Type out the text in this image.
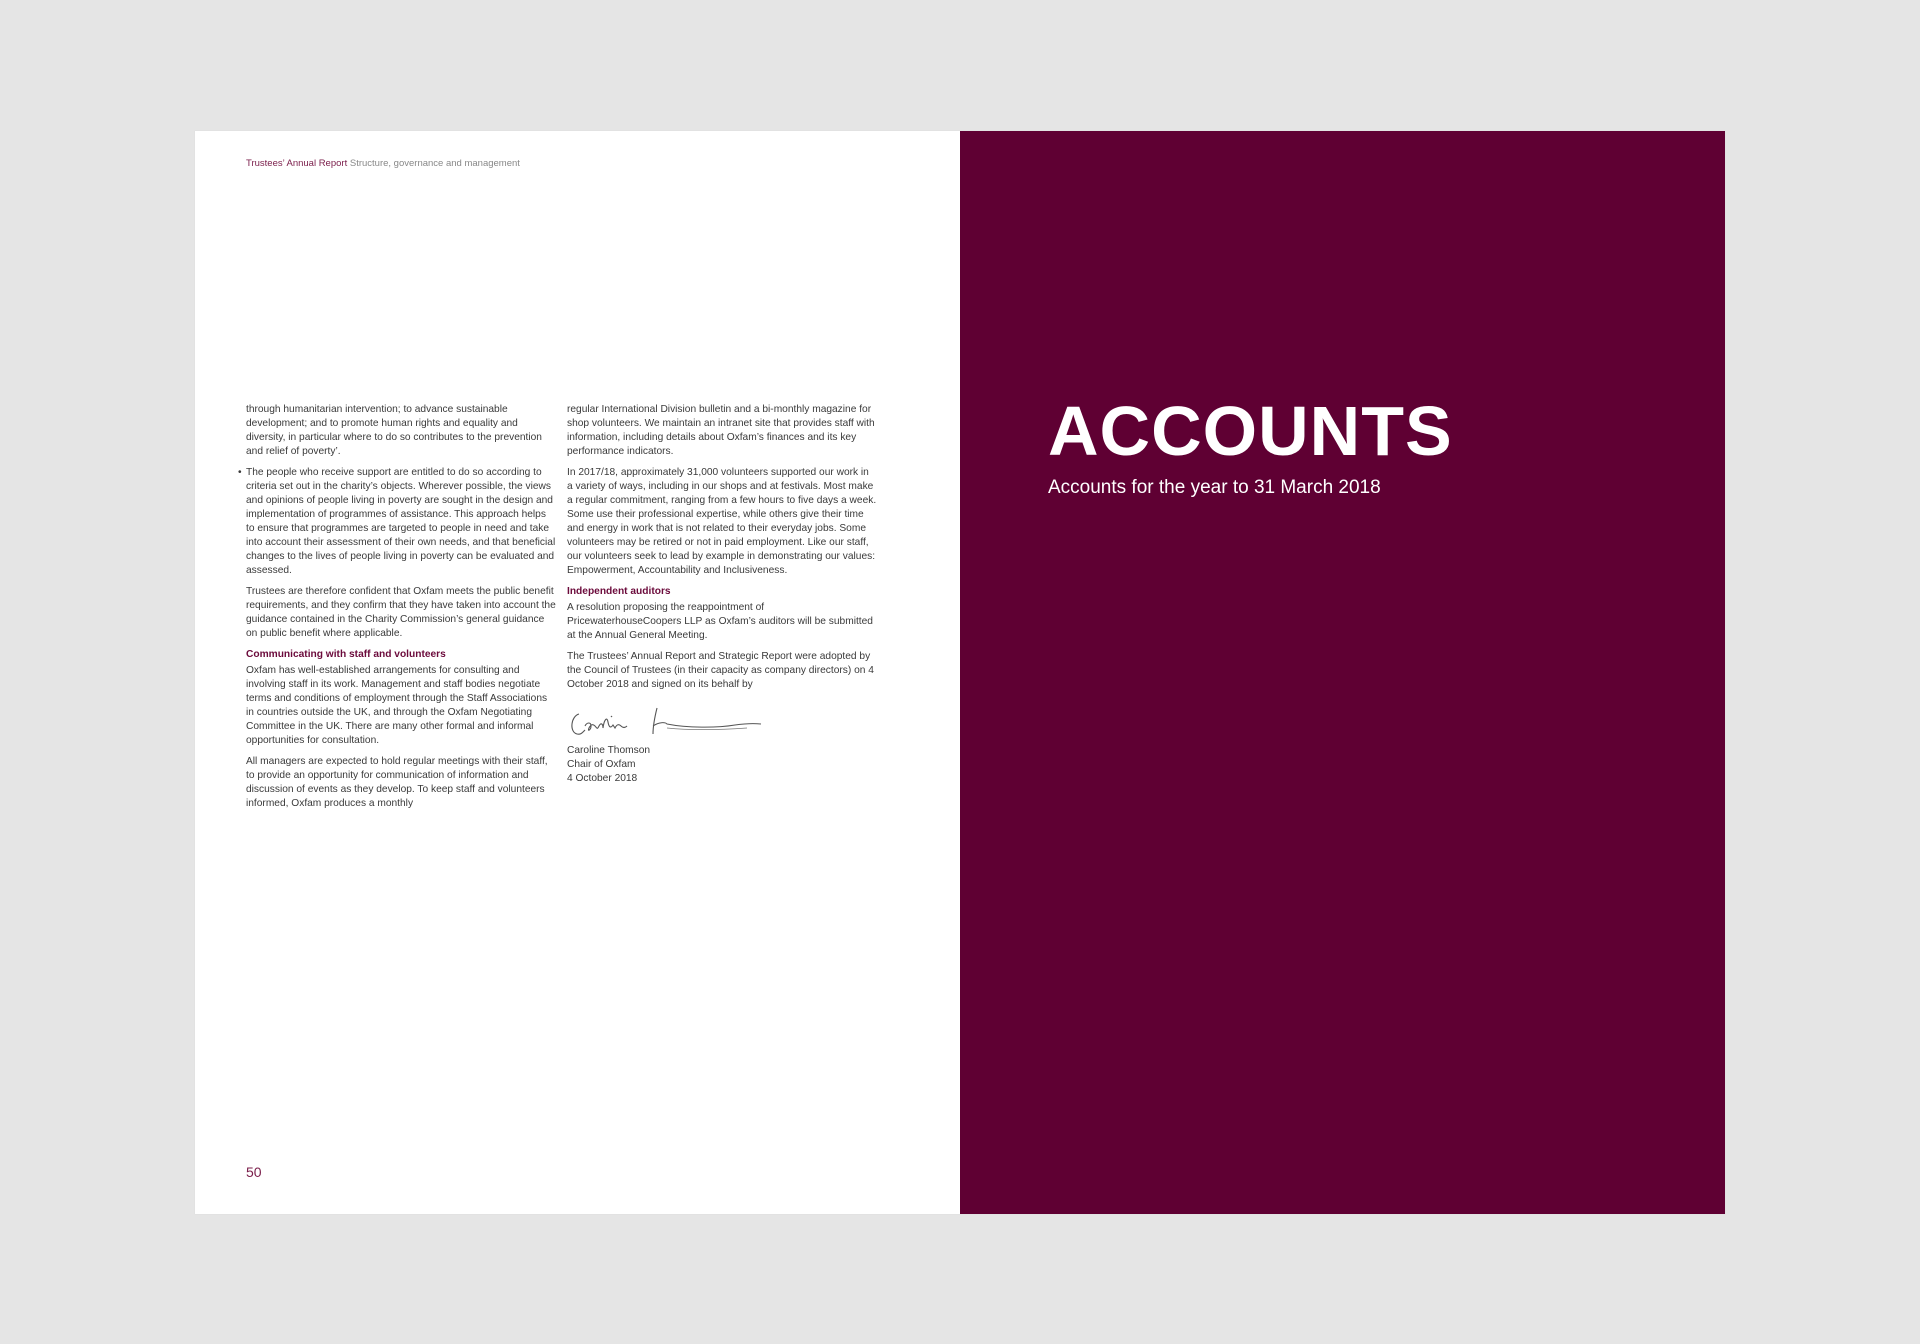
Trustees’ Annual Report Structure, governance and management

through humanitarian intervention; to advance sustainable development; and to promote human rights and equality and diversity, in particular where to do so contributes to the prevention and relief of poverty’.

• The people who receive support are entitled to do so according to criteria set out in the charity’s objects. Wherever possible, the views and opinions of people living in poverty are sought in the design and implementation of programmes of assistance. This approach helps to ensure that programmes are targeted to people in need and take into account their assessment of their own needs, and that beneficial changes to the lives of people living in poverty can be evaluated and assessed.

Trustees are therefore confident that Oxfam meets the public benefit requirements, and they confirm that they have taken into account the guidance contained in the Charity Commission’s general guidance on public benefit where applicable.

Communicating with staff and volunteers

Oxfam has well-established arrangements for consulting and involving staff in its work. Management and staff bodies negotiate terms and conditions of employment through the Staff Associations in countries outside the UK, and through the Oxfam Negotiating Committee in the UK. There are many other formal and informal opportunities for consultation.

All managers are expected to hold regular meetings with their staff, to provide an opportunity for communication of information and discussion of events as they develop. To keep staff and volunteers informed, Oxfam produces a monthly

regular International Division bulletin and a bi-monthly magazine for shop volunteers. We maintain an intranet site that provides staff with information, including details about Oxfam’s finances and its key performance indicators.

In 2017/18, approximately 31,000 volunteers supported our work in a variety of ways, including in our shops and at festivals. Most make a regular commitment, ranging from a few hours to five days a week. Some use their professional expertise, while others give their time and energy in work that is not related to their everyday jobs. Some volunteers may be retired or not in paid employment. Like our staff, our volunteers seek to lead by example in demonstrating our values: Empowerment, Accountability and Inclusiveness.

Independent auditors

A resolution proposing the reappointment of PricewaterhouseCoopers LLP as Oxfam’s auditors will be submitted at the Annual General Meeting.

The Trustees’ Annual Report and Strategic Report were adopted by the Council of Trustees (in their capacity as company directors) on 4 October 2018 and signed on its behalf by

Caroline Thomson
Chair of Oxfam
4 October 2018
50
ACCOUNTS

Accounts for the year to 31 March 2018
